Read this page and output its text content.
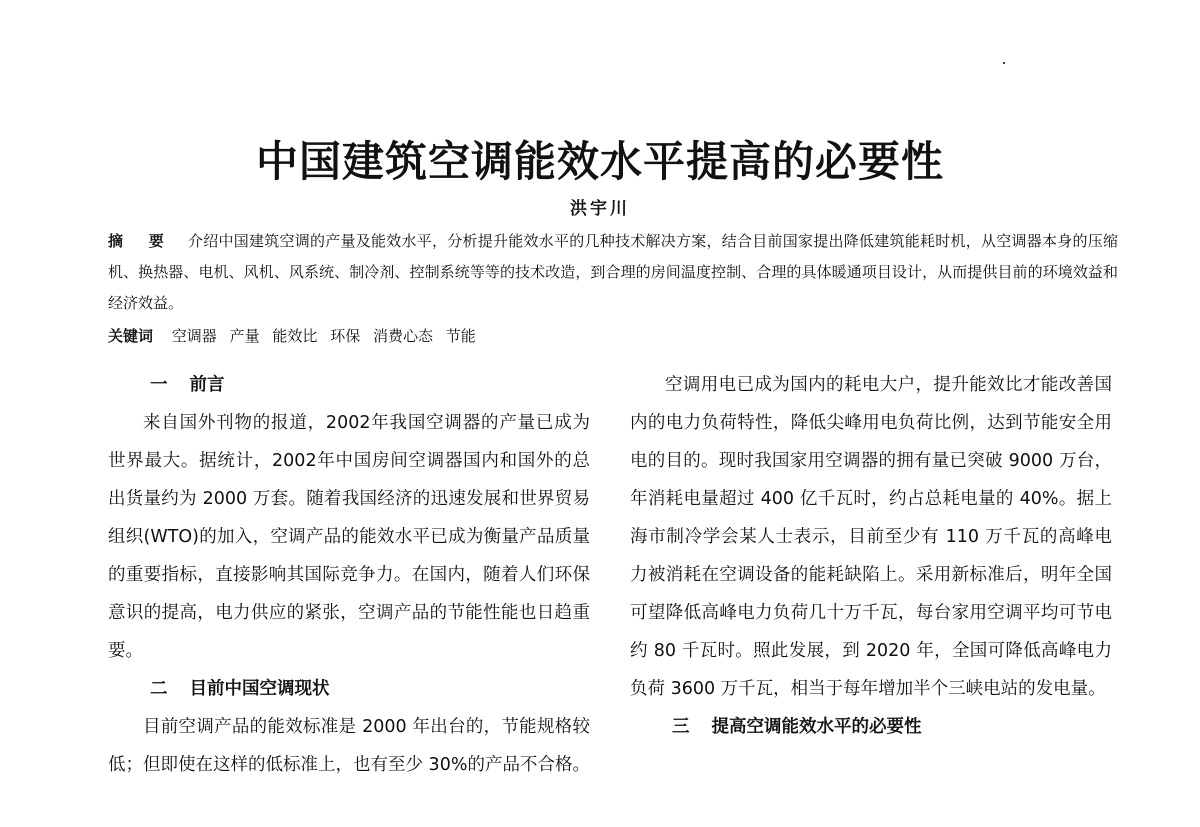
中国建筑空调能效水平提高的必要性
洪宇川
摘 要 介绍中国建筑空调的产量及能效水平，分析提升能效水平的几种技术解决方案，结合目前国家提出降低建筑能耗时机，从空调器本身的压缩机、换热器、电机、风机、风系统、制冷剂、控制系统等等的技术改造，到合理的房间温度控制、合理的具体暖通项目设计，从而提供目前的环境效益和经济效益。
关键词 空调器 产量 能效比 环保 消费心态 节能
一 前言

来自国外刊物的报道，2002年我国空调器的产量已成为世界最大。据统计，2002年中国房间空调器国内和国外的总出货量约为 2000 万套。随着我国经济的迅速发展和世界贸易组织(WTO)的加入，空调产品的能效水平已成为衡量产品质量的重要指标，直接影响其国际竞争力。在国内，随着人们环保意识的提高，电力供应的紧张，空调产品的节能性能也日趋重要。

二 目前中国空调现状

目前空调产品的能效标准是 2000 年出台的，节能规格较低；但即使在这样的低标准上，也有至少 30%的产品不合格。

空调用电已成为国内的耗电大户，提升能效比才能改善国内的电力负荷特性，降低尖峰用电负荷比例，达到节能安全用电的目的。现时我国家用空调器的拥有量已突破 9000 万台，年消耗电量超过 400 亿千瓦时，约占总耗电量的 40%。据上海市制冷学会某人士表示，目前至少有 110 万千瓦的高峰电力被消耗在空调设备的能耗缺陷上。采用新标准后，明年全国可望降低高峰电力负荷几十万千瓦，每台家用空调平均可节电约 80 千瓦时。照此发展，到 2020 年，全国可降低高峰电力负荷 3600 万千瓦，相当于每年增加半个三峡电站的发电量。

三 提高空调能效水平的必要性
